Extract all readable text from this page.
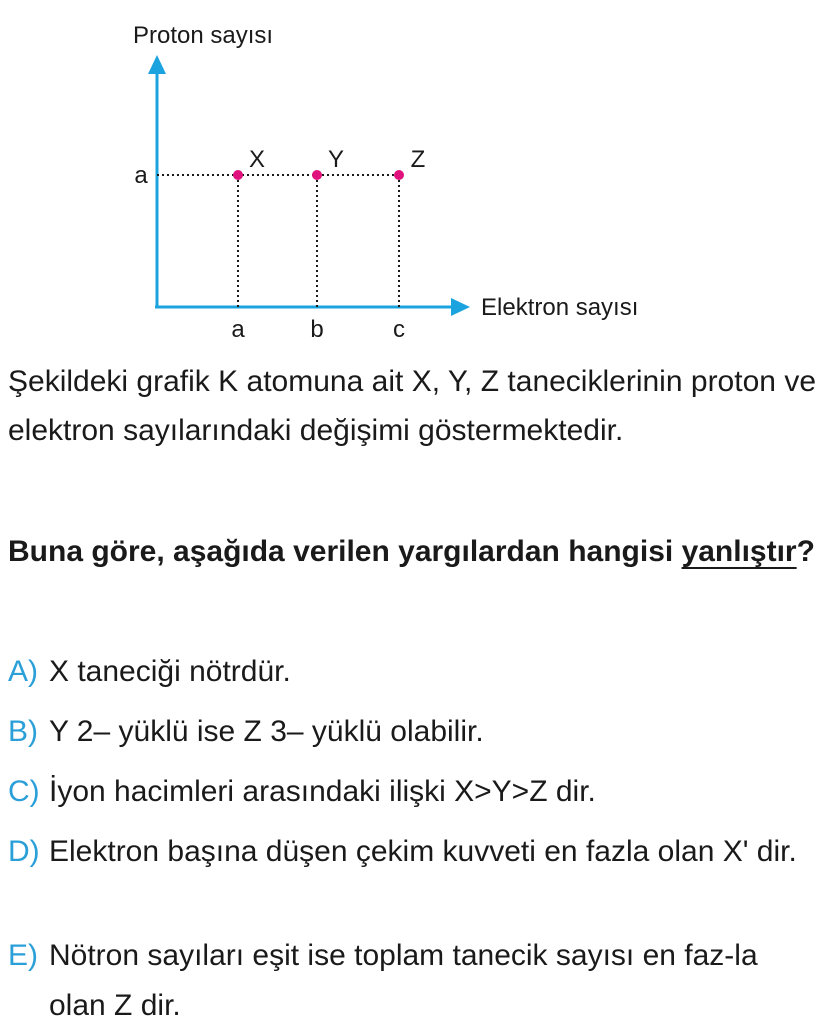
Proton sayısı
Elektron sayısı
a	b	c
a
X	Y	Z

Şekildeki grafik K atomuna ait X, Y, Z taneciklerinin proton ve elektron sayılarındaki değişimi göstermektedir.

Buna göre, aşağıda verilen yargılardan hangisi yanlıştır?

A) X taneciği nötrdür.
B) Y 2– yüklü ise Z 3– yüklü olabilir.
C) İyon hacimleri arasındaki ilişki X>Y>Z dir.
D) Elektron başına düşen çekim kuvveti en fazla olan X' dir.
E) Nötron sayıları eşit ise toplam tanecik sayısı en faz-la olan Z dir.
